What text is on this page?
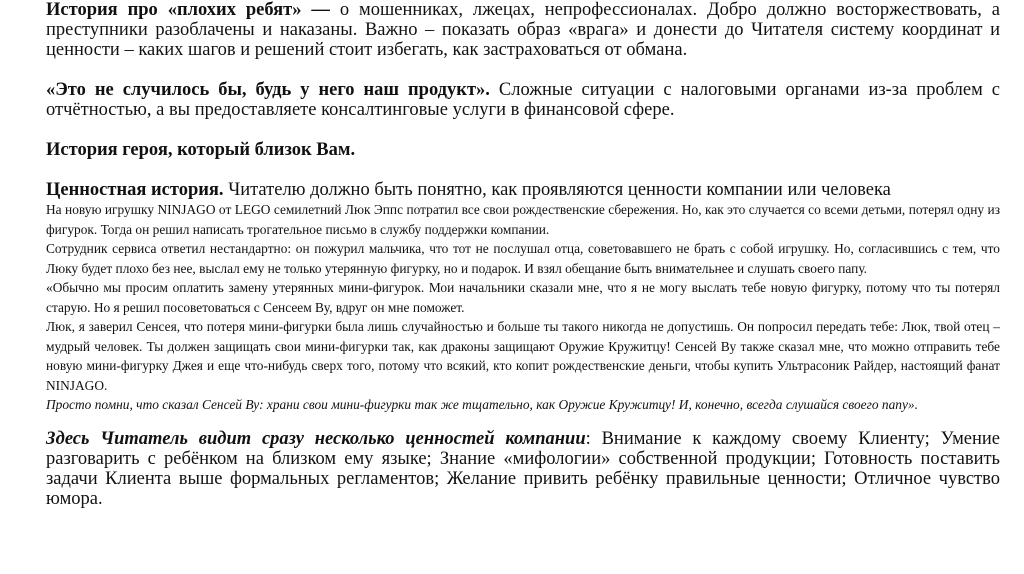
История про «плохих ребят» — о мошенниках, лжецах, непрофессионалах. Добро должно восторжествовать, а преступники разоблачены и наказаны. Важно – показать образ «врага» и донести до Читателя систему координат и ценности – каких шагов и решений стоит избегать, как застраховаться от обмана.

«Это не случилось бы, будь у него наш продукт». Сложные ситуации с налоговыми органами из-за проблем с отчётностью, а вы предоставляете консалтинговые услуги в финансовой сфере.

История героя, который близок Вам.

Ценностная история. Читателю должно быть понятно, как проявляются ценности компании или человека

На новую игрушку NINJAGO от LEGO семилетний Люк Эппс потратил все свои рождественские сбережения. Но, как это случается со всеми детьми, потерял одну из фигурок. Тогда он решил написать трогательное письмо в службу поддержки компании.

Сотрудник сервиса ответил нестандартно: он пожурил мальчика, что тот не послушал отца, советовавшего не брать с собой игрушку. Но, согласившись с тем, что Люку будет плохо без нее, выслал ему не только утерянную фигурку, но и подарок. И взял обещание быть внимательнее и слушать своего папу.

«Обычно мы просим оплатить замену утерянных мини-фигурок. Мои начальники сказали мне, что я не могу выслать тебе новую фигурку, потому что ты потерял старую. Но я решил посоветоваться с Сенсеем Ву, вдруг он мне поможет.

Люк, я заверил Сенсея, что потеря мини-фигурки была лишь случайностью и больше ты такого никогда не допустишь. Он попросил передать тебе: Люк, твой отец – мудрый человек. Ты должен защищать свои мини-фигурки так, как драконы защищают Оружие Кружитцу! Сенсей Ву также сказал мне, что можно отправить тебе новую мини-фигурку Джея и еще что-нибудь сверх того, потому что всякий, кто копит рождественские деньги, чтобы купить Ультрасоник Райдер, настоящий фанат NINJAGO.

Просто помни, что сказал Сенсей Ву: храни свои мини-фигурки так же тщательно, как Оружие Кружитцу! И, конечно, всегда слушайся своего папу».

Здесь Читатель видит сразу несколько ценностей компании: Внимание к каждому своему Клиенту; Умение разговарить с ребёнком на близком ему языке; Знание «мифологии» собственной продукции; Готовность поставить задачи Клиента выше формальных регламентов; Желание привить ребёнку правильные ценности; Отличное чувство юмора.
